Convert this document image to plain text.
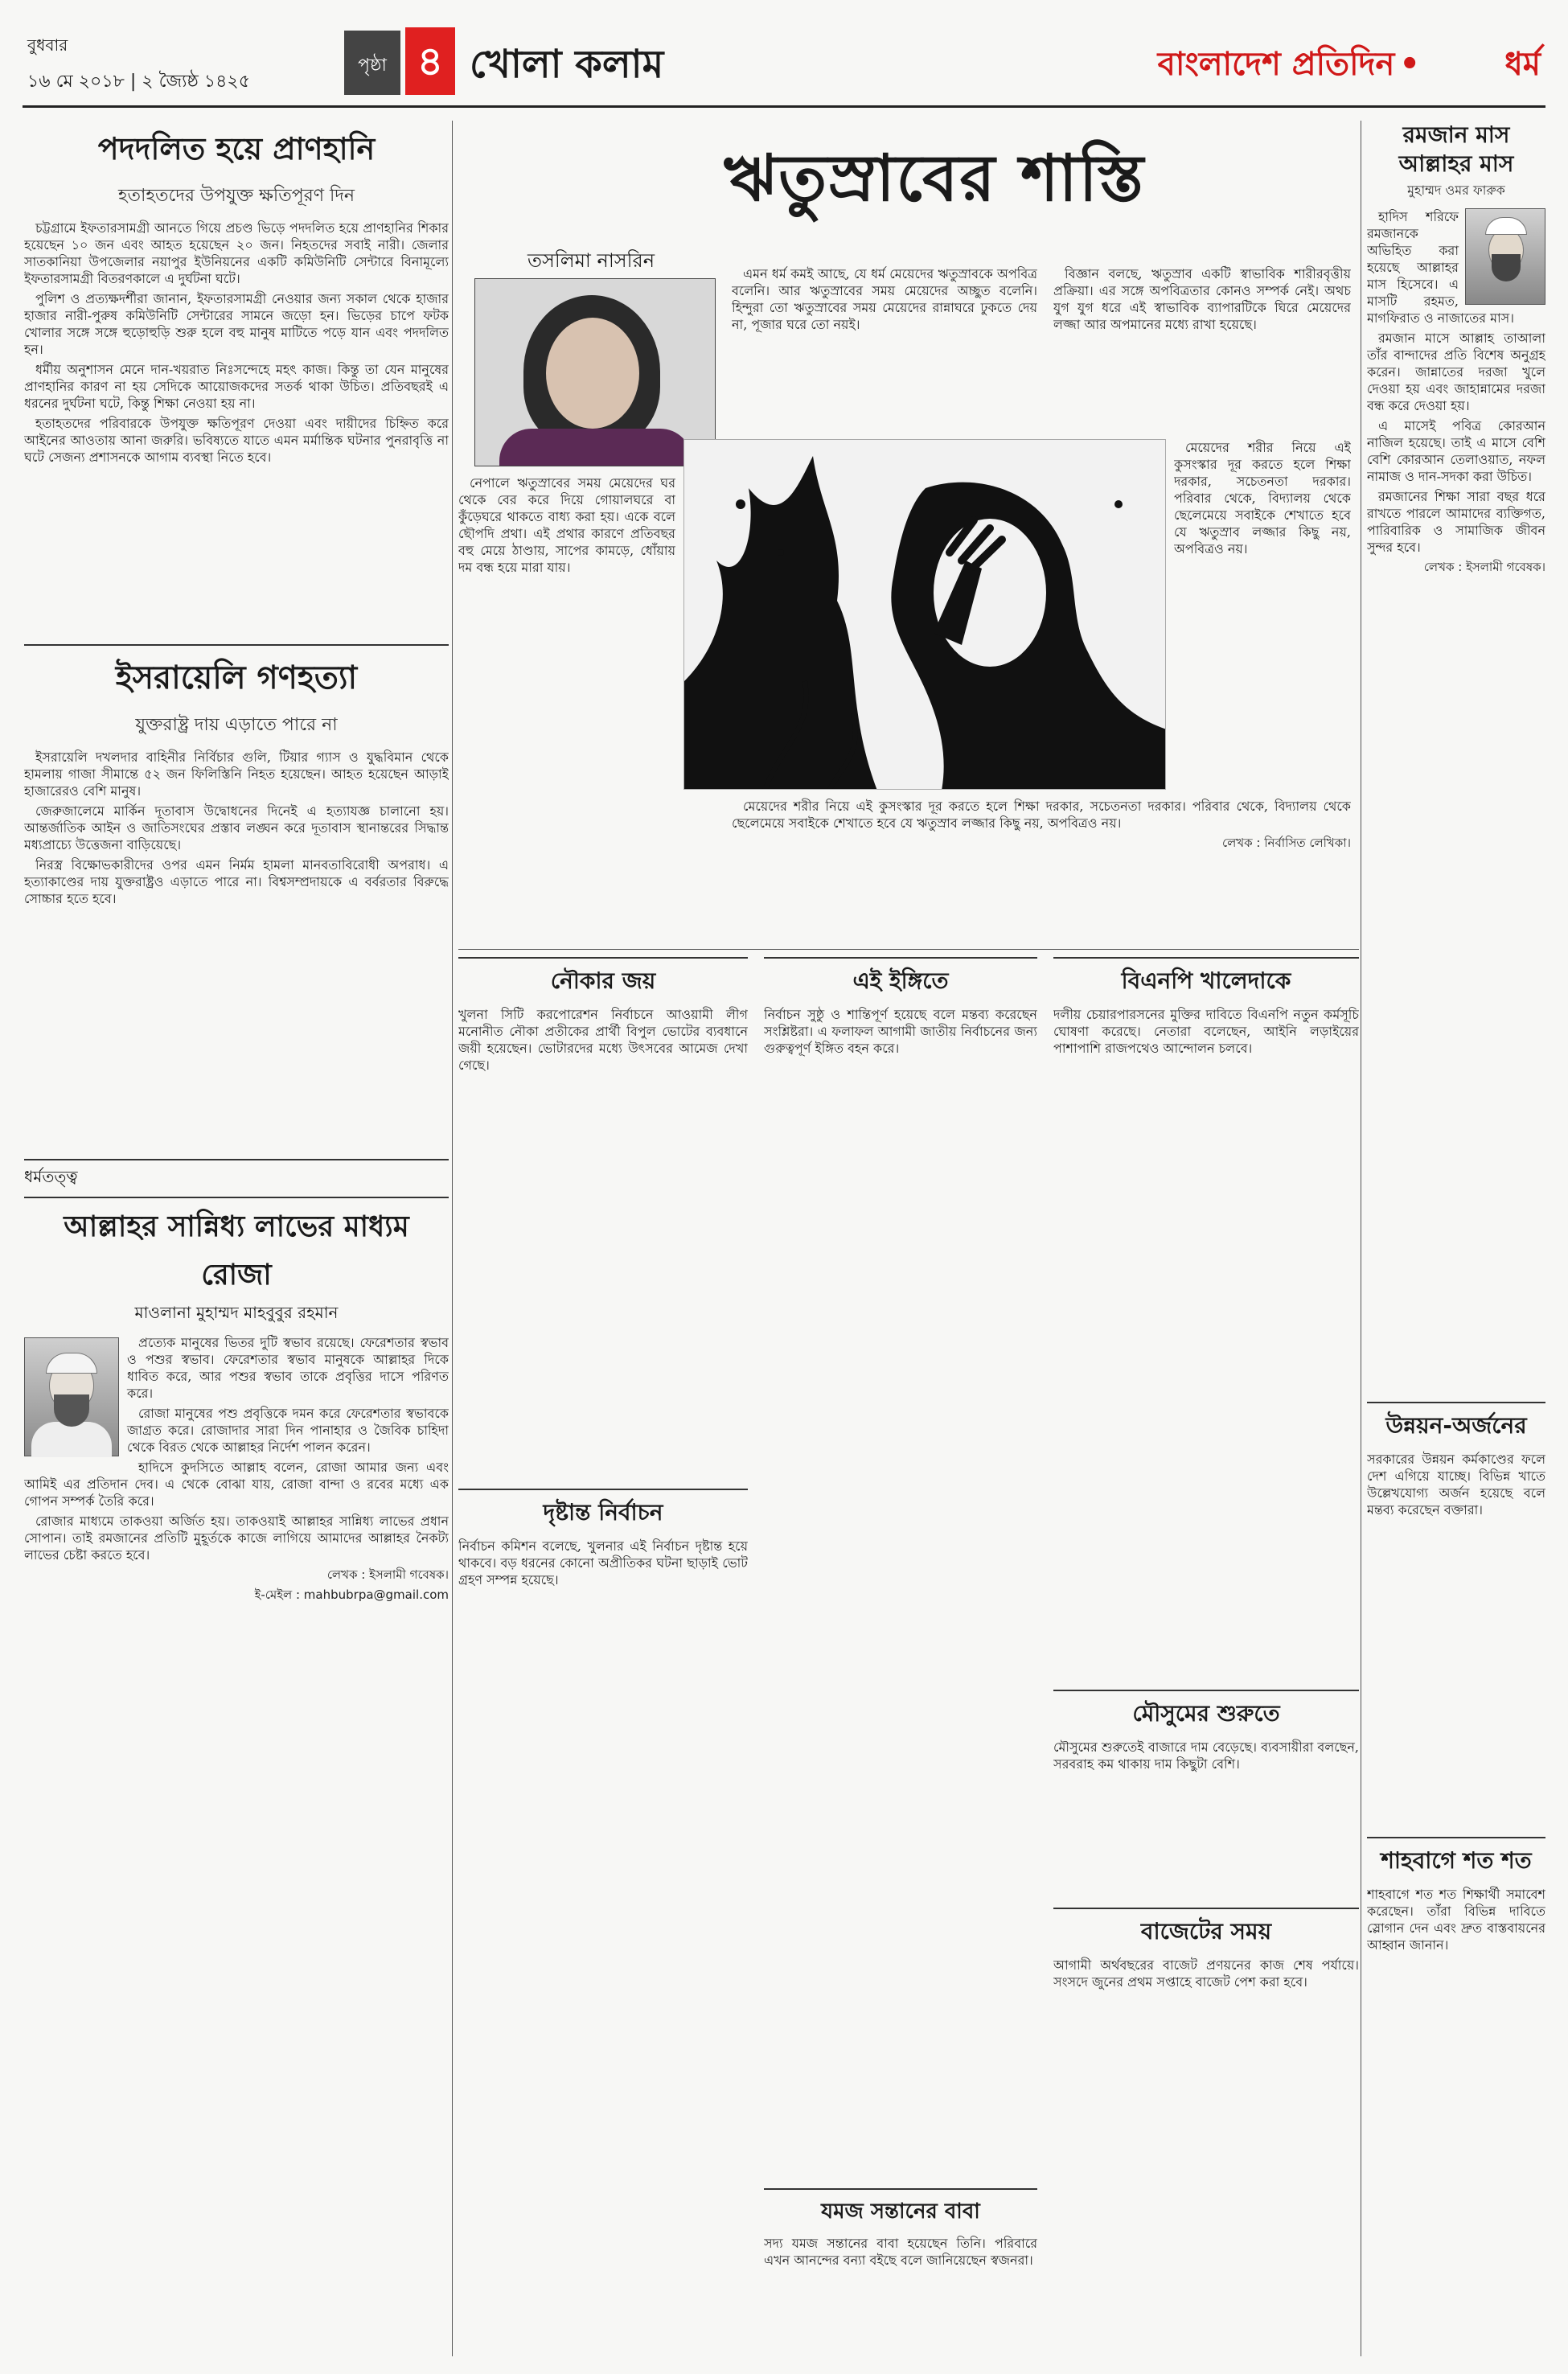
বুধবার
১৬ মে ২০১৮ | ২ জ্যৈষ্ঠ ১৪২৫
পৃষ্ঠা ৪ খোলা কলাম	বাংলাদেশ প্রতিদিন •	ধর্ম
পদদলিত হয়ে প্রাণহানি
হতাহতদের উপযুক্ত ক্ষতিপূরণ দিন

চট্টগ্রামে ইফতারসামগ্রী আনতে গিয়ে প্রচণ্ড ভিড়ে পদদলিত হয়ে প্রাণহানির শিকার হয়েছেন ১০ জন এবং আহত হয়েছেন ২০ জন। নিহতদের সবাই নারী। জেলার সাতকানিয়া উপজেলার নয়াপুর ইউনিয়নের একটি কমিউনিটি সেন্টারে বিনামূল্যে ইফতারসামগ্রী বিতরণকালে এ দুর্ঘটনা ঘটে।

পুলিশ ও প্রত্যক্ষদর্শীরা জানান, ইফতারসামগ্রী নেওয়ার জন্য সকাল থেকে হাজার হাজার নারী-পুরুষ কমিউনিটি সেন্টারের সামনে জড়ো হন। ভিড়ের চাপে ফটক খোলার সঙ্গে সঙ্গে হুড়োহুড়ি শুরু হলে বহু মানুষ মাটিতে পড়ে যান এবং পদদলিত হন।

ধর্মীয় অনুশাসন মেনে দান-খয়রাত নিঃসন্দেহে মহৎ কাজ। কিন্তু তা যেন মানুষের প্রাণহানির কারণ না হয় সেদিকে আয়োজকদের সতর্ক থাকা উচিত। প্রতিবছরই এ ধরনের দুর্ঘটনা ঘটে, কিন্তু শিক্ষা নেওয়া হয় না।

হতাহতদের পরিবারকে উপযুক্ত ক্ষতিপূরণ দেওয়া এবং দায়ীদের চিহ্নিত করে আইনের আওতায় আনা জরুরি। ভবিষ্যতে যাতে এমন মর্মান্তিক ঘটনার পুনরাবৃত্তি না ঘটে সেজন্য প্রশাসনকে আগাম ব্যবস্থা নিতে হবে।

ইসরায়েলি গণহত্যা
যুক্তরাষ্ট্র দায় এড়াতে পারে না

ইসরায়েলি দখলদার বাহিনীর নির্বিচার গুলি, টিয়ার গ্যাস ও যুদ্ধবিমান থেকে হামলায় গাজা সীমান্তে ৫২ জন ফিলিস্তিনি নিহত হয়েছেন। আহত হয়েছেন আড়াই হাজারেরও বেশি মানুষ।

জেরুজালেমে মার্কিন দূতাবাস উদ্বোধনের দিনেই এ হত্যাযজ্ঞ চালানো হয়। আন্তর্জাতিক আইন ও জাতিসংঘের প্রস্তাব লঙ্ঘন করে দূতাবাস স্থানান্তরের সিদ্ধান্ত মধ্যপ্রাচ্যে উত্তেজনা বাড়িয়েছে।

নিরস্ত্র বিক্ষোভকারীদের ওপর এমন নির্মম হামলা মানবতাবিরোধী অপরাধ। এ হত্যাকাণ্ডের দায় যুক্তরাষ্ট্রও এড়াতে পারে না। বিশ্বসম্প্রদায়কে এ বর্বরতার বিরুদ্ধে সোচ্চার হতে হবে।

ধর্মতত্ত্ব
আল্লাহর সান্নিধ্য লাভের মাধ্যম রোজা
মাওলানা মুহাম্মদ মাহবুবুর রহমান

প্রত্যেক মানুষের ভিতর দুটি স্বভাব রয়েছে। ফেরেশতার স্বভাব ও পশুর স্বভাব। ফেরেশতার স্বভাব মানুষকে আল্লাহর দিকে ধাবিত করে, আর পশুর স্বভাব তাকে প্রবৃত্তির দাসে পরিণত করে।

রোজা মানুষের পশু প্রবৃত্তিকে দমন করে ফেরেশতার স্বভাবকে জাগ্রত করে। রোজাদার সারা দিন পানাহার ও জৈবিক চাহিদা থেকে বিরত থেকে আল্লাহর নির্দেশ পালন করেন।

হাদিসে কুদসিতে আল্লাহ বলেন, রোজা আমার জন্য এবং আমিই এর প্রতিদান দেব। এ থেকে বোঝা যায়, রোজা বান্দা ও রবের মধ্যে এক গোপন সম্পর্ক তৈরি করে।

রোজার মাধ্যমে তাকওয়া অর্জিত হয়। তাকওয়াই আল্লাহর সান্নিধ্য লাভের প্রধান সোপান। তাই রমজানের প্রতিটি মুহূর্তকে কাজে লাগিয়ে আমাদের আল্লাহর নৈকট্য লাভের চেষ্টা করতে হবে।

লেখক : ইসলামী গবেষক।
ই-মেইল : mahbubrpa@gmail.com
ঋতুস্রাবের শাস্তি
তসলিমা নাসরিন

এমন ধর্ম কমই আছে, যে ধর্ম মেয়েদের ঋতুস্রাবকে অপবিত্র বলেনি। আর ঋতুস্রাবের সময় মেয়েদের অচ্ছুত বলেনি। হিন্দুরা তো ঋতুস্রাবের সময় মেয়েদের রান্নাঘরে ঢুকতে দেয় না, পূজার ঘরে তো নয়ই।

বিজ্ঞান বলছে, ঋতুস্রাব একটি স্বাভাবিক শারীরবৃত্তীয় প্রক্রিয়া। এর সঙ্গে অপবিত্রতার কোনও সম্পর্ক নেই। অথচ যুগ যুগ ধরে এই স্বাভাবিক ব্যাপারটিকে ঘিরে মেয়েদের লজ্জা আর অপমানের মধ্যে রাখা হয়েছে।

নেপালে ঋতুস্রাবের সময় মেয়েদের ঘর থেকে বের করে দিয়ে গোয়ালঘরে বা কুঁড়েঘরে থাকতে বাধ্য করা হয়। একে বলে ছৌপদি প্রথা। এই প্রথার কারণে প্রতিবছর বহু মেয়ে ঠাণ্ডায়, সাপের কামড়ে, ধোঁয়ায় দম বন্ধ হয়ে মারা যায়।

মেয়েদের শরীর নিয়ে এই কুসংস্কার দূর করতে হলে শিক্ষা দরকার, সচেতনতা দরকার। পরিবার থেকে, বিদ্যালয় থেকে ছেলেমেয়ে সবাইকে শেখাতে হবে যে ঋতুস্রাব লজ্জার কিছু নয়, অপবিত্রও নয়।

মেয়েদের শরীর নিয়ে এই কুসংস্কার দূর করতে হলে শিক্ষা দরকার, সচেতনতা দরকার। পরিবার থেকে, বিদ্যালয় থেকে ছেলেমেয়ে সবাইকে শেখাতে হবে যে ঋতুস্রাব লজ্জার কিছু নয়, অপবিত্রও নয়।

লেখক : নির্বাসিত লেখিকা।
নৌকার জয়
খুলনা সিটি করপোরেশন নির্বাচনে আওয়ামী লীগ মনোনীত নৌকা প্রতীকের প্রার্থী বিপুল ভোটের ব্যবধানে জয়ী হয়েছেন। ভোটারদের মধ্যে উৎসবের আমেজ দেখা গেছে।
দৃষ্টান্ত নির্বাচন
নির্বাচন কমিশন বলেছে, খুলনার এই নির্বাচন দৃষ্টান্ত হয়ে থাকবে। বড় ধরনের কোনো অপ্রীতিকর ঘটনা ছাড়াই ভোট গ্রহণ সম্পন্ন হয়েছে।
এই ইঙ্গিতে
নির্বাচন সুষ্ঠু ও শান্তিপূর্ণ হয়েছে বলে মন্তব্য করেছেন সংশ্লিষ্টরা। এ ফলাফল আগামী জাতীয় নির্বাচনের জন্য গুরুত্বপূর্ণ ইঙ্গিত বহন করে।
যমজ সন্তানের বাবা
সদ্য যমজ সন্তানের বাবা হয়েছেন তিনি। পরিবারে এখন আনন্দের বন্যা বইছে বলে জানিয়েছেন স্বজনরা।
বিএনপি খালেদাকে
দলীয় চেয়ারপারসনের মুক্তির দাবিতে বিএনপি নতুন কর্মসূচি ঘোষণা করেছে। নেতারা বলেছেন, আইনি লড়াইয়ের পাশাপাশি রাজপথেও আন্দোলন চলবে।
মৌসুমের শুরুতে
মৌসুমের শুরুতেই বাজারে দাম বেড়েছে। ব্যবসায়ীরা বলছেন, সরবরাহ কম থাকায় দাম কিছুটা বেশি।
বাজেটের সময়
আগামী অর্থবছরের বাজেট প্রণয়নের কাজ শেষ পর্যায়ে। সংসদে জুনের প্রথম সপ্তাহে বাজেট পেশ করা হবে।
রমজান মাস আল্লাহর মাস
মুহাম্মদ ওমর ফারুক

হাদিস শরিফে রমজানকে অভিহিত করা হয়েছে আল্লাহর মাস হিসেবে। এ মাসটি রহমত, মাগফিরাত ও নাজাতের মাস।

রমজান মাসে আল্লাহ তাআলা তাঁর বান্দাদের প্রতি বিশেষ অনুগ্রহ করেন। জান্নাতের দরজা খুলে দেওয়া হয় এবং জাহান্নামের দরজা বন্ধ করে দেওয়া হয়।

এ মাসেই পবিত্র কোরআন নাজিল হয়েছে। তাই এ মাসে বেশি বেশি কোরআন তেলাওয়াত, নফল নামাজ ও দান-সদকা করা উচিত।

রমজানের শিক্ষা সারা বছর ধরে রাখতে পারলে আমাদের ব্যক্তিগত, পারিবারিক ও সামাজিক জীবন সুন্দর হবে।

লেখক : ইসলামী গবেষক।
উন্নয়ন-অর্জনের
সরকারের উন্নয়ন কর্মকাণ্ডের ফলে দেশ এগিয়ে যাচ্ছে। বিভিন্ন খাতে উল্লেখযোগ্য অর্জন হয়েছে বলে মন্তব্য করেছেন বক্তারা।
শাহবাগে শত শত
শাহবাগে শত শত শিক্ষার্থী সমাবেশ করেছেন। তাঁরা বিভিন্ন দাবিতে স্লোগান দেন এবং দ্রুত বাস্তবায়নের আহ্বান জানান।
